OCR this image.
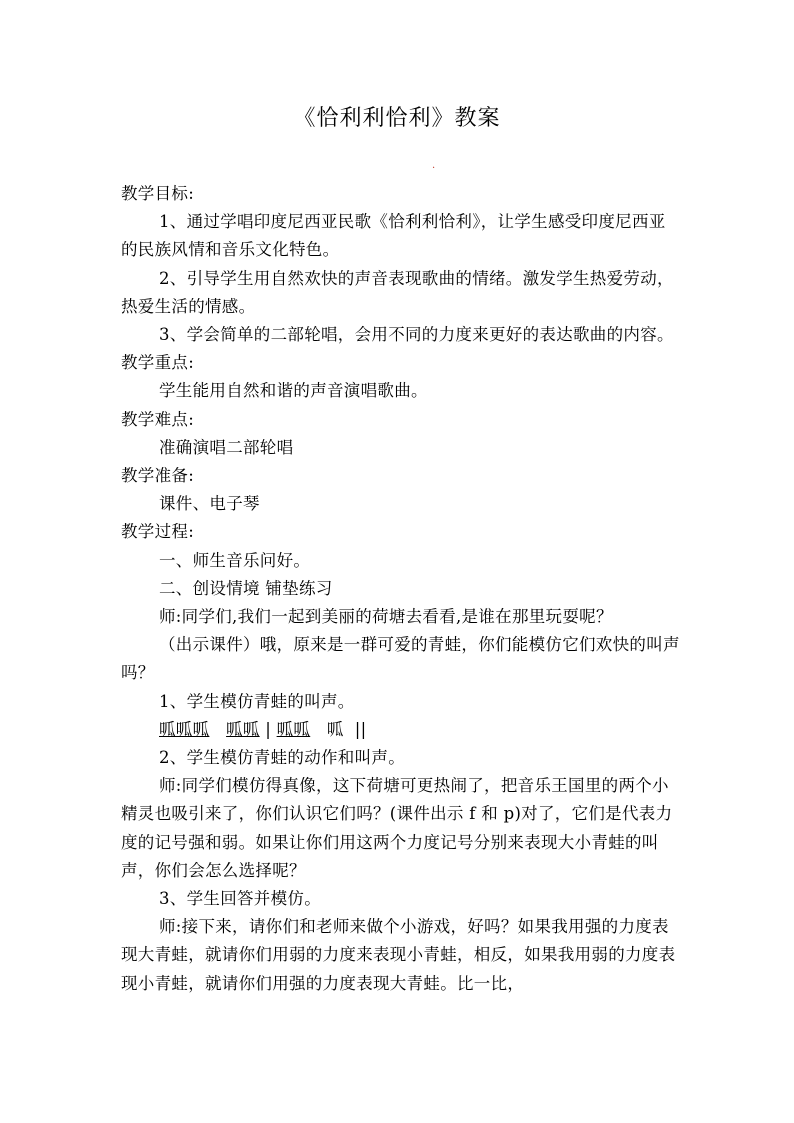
《恰利利恰利》教案
.

教学目标:

1、通过学唱印度尼西亚民歌《恰利利恰利》，让学生感受印度尼西亚的民族风情和音乐文化特色。

2、引导学生用自然欢快的声音表现歌曲的情绪。激发学生热爱劳动，热爱生活的情感。

3、学会简单的二部轮唱，会用不同的力度来更好的表达歌曲的内容。

教学重点:

学生能用自然和谐的声音演唱歌曲。

教学难点:

准确演唱二部轮唱

教学准备:

课件、电子琴

教学过程:

一、师生音乐问好。

二、创设情境 铺垫练习

师:同学们,我们一起到美丽的荷塘去看看,是谁在那里玩耍呢？

（出示课件）哦，原来是一群可爱的青蛙，你们能模仿它们欢快的叫声吗？

1、学生模仿青蛙的叫声。

呱呱呱 呱呱 | 呱呱 呱 ||

2、学生模仿青蛙的动作和叫声。

师:同学们模仿得真像，这下荷塘可更热闹了，把音乐王国里的两个小精灵也吸引来了，你们认识它们吗？(课件出示 f 和 p)对了，它们是代表力度的记号强和弱。如果让你们用这两个力度记号分别来表现大小青蛙的叫声，你们会怎么选择呢？

3、学生回答并模仿。

师:接下来，请你们和老师来做个小游戏，好吗？如果我用强的力度表现大青蛙，就请你们用弱的力度来表现小青蛙，相反，如果我用弱的力度表现小青蛙，就请你们用强的力度表现大青蛙。比一比，
